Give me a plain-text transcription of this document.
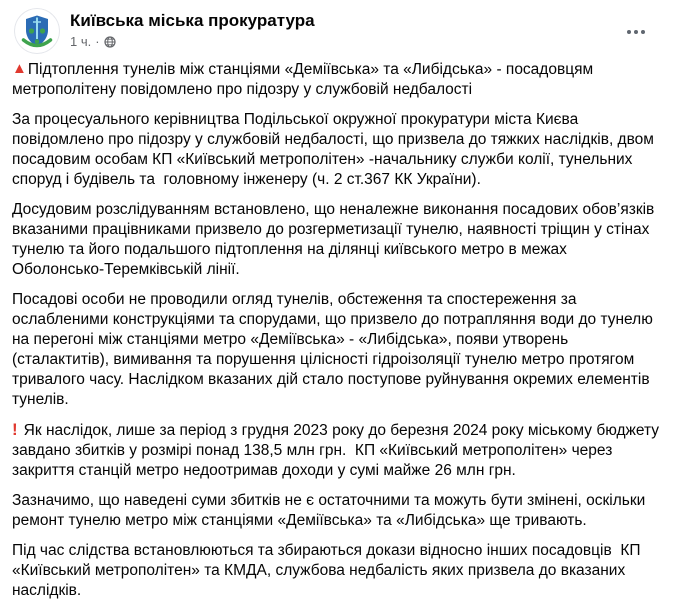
Київська міська прокуратура
1 ч. ·

▲Підтоплення тунелів між станціями «Деміївська» та «Либідська» - посадовцям метрополітену повідомлено про підозру у службовій недбалості

За процесуального керівництва Подільської окружної прокуратури міста Києва повідомлено про підозру у службовій недбалості, що призвела до тяжких наслідків, двом посадовим особам КП «Київський метрополітен» -начальнику служби колії, тунельних споруд і будівель та  головному інженеру (ч. 2 ст.367 КК України).

Досудовим розслідуванням встановлено, що неналежне виконання посадових обов’язків вказаними працівниками призвело до розгерметизації тунелю, наявності тріщин у стінах тунелю та його подальшого підтоплення на ділянці київського метро в межах Оболонсько-Теремківській лінії.

Посадові особи не проводили огляд тунелів, обстеження та спостереження за ослабленими конструкціями та спорудами, що призвело до потрапляння води до тунелю на перегоні між станціями метро «Деміївська» - «Либідська», появи утворень (сталактитів), вимивання та порушення цілісності гідроізоляції тунелю метро протягом тривалого часу. Наслідком вказаних дій стало поступове руйнування окремих елементів тунелів.

! Як наслідок, лише за період з грудня 2023 року до березня 2024 року міському бюджету завдано збитків у розмірі понад 138,5 млн грн.  КП «Київський метрополітен» через закриття станцій метро недоотримав доходи у сумі майже 26 млн грн.

Зазначимо, що наведені суми збитків не є остаточними та можуть бути змінені, оскільки ремонт тунелю метро між станціями «Деміївська» та «Либідська» ще тривають.

Під час слідства встановлюються та збираються докази відносно інших посадовців  КП «Київський метрополітен» та КМДА, службова недбалість яких призвела до вказаних наслідків.
